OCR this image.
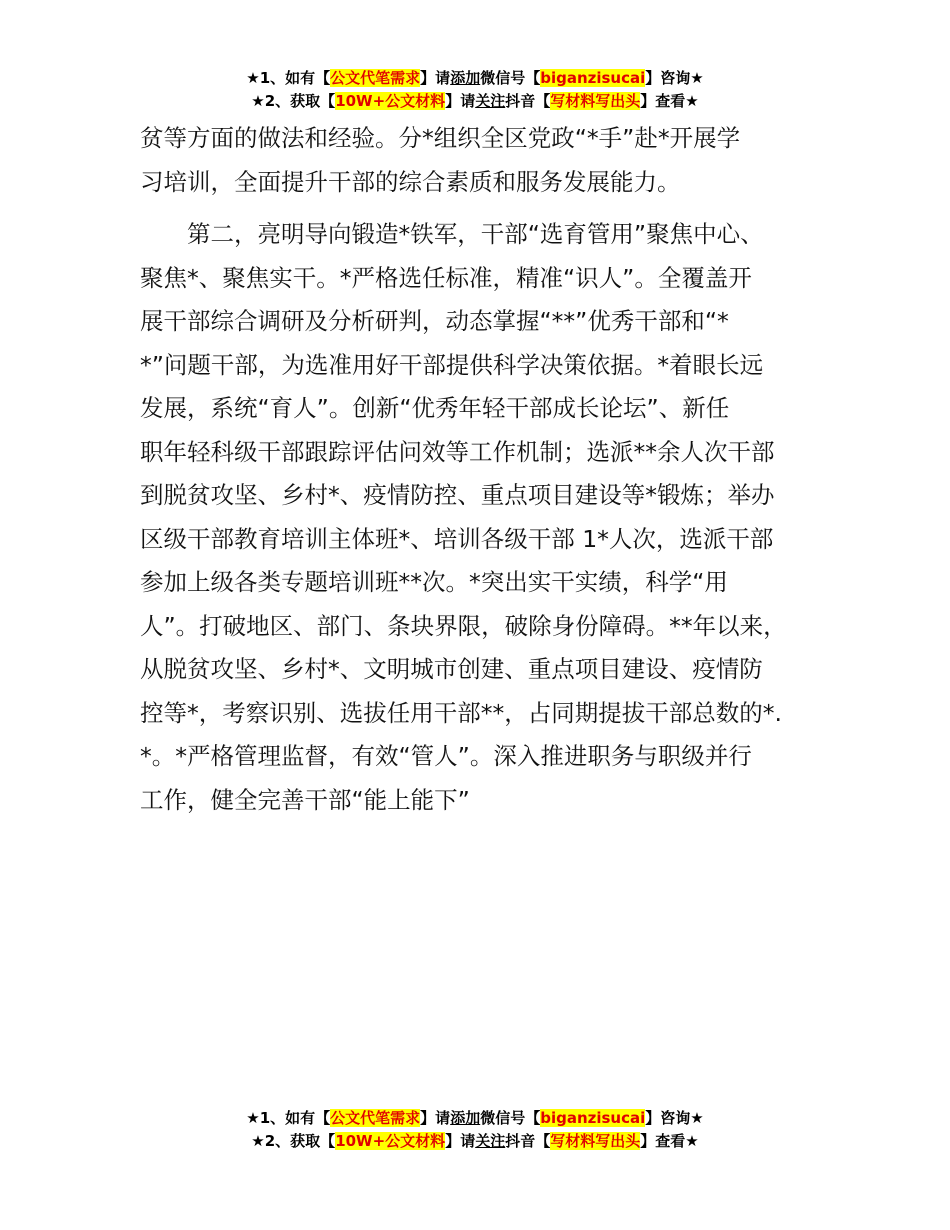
★1、如有【公文代笔需求】请添加微信号【biganzisucai】咨询★
★2、获取【10W+公文材料】请关注抖音【写材料写出头】查看★
贫等方面的做法和经验。分*组织全区党政“*手”赴*开展学
习培训，全面提升干部的综合素质和服务发展能力。
第二，亮明导向锻造*铁军，干部“选育管用”聚焦中心、
聚焦*、聚焦实干。*严格选任标准，精准“识人”。全覆盖开
展干部综合调研及分析研判，动态掌握“**”优秀干部和“*
*”问题干部，为选准用好干部提供科学决策依据。*着眼长远
发展，系统“育人”。创新“优秀年轻干部成长论坛”、新任
职年轻科级干部跟踪评估问效等工作机制；选派**余人次干部
到脱贫攻坚、乡村*、疫情防控、重点项目建设等*锻炼；举办
区级干部教育培训主体班*、培训各级干部 1*人次，选派干部
参加上级各类专题培训班**次。*突出实干实绩，科学“用
人”。打破地区、部门、条块界限，破除身份障碍。**年以来，
从脱贫攻坚、乡村*、文明城市创建、重点项目建设、疫情防
控等*，考察识别、选拔任用干部**，占同期提拔干部总数的*.
*。*严格管理监督，有效“管人”。深入推进职务与职级并行
工作，健全完善干部“能上能下”
★1、如有【公文代笔需求】请添加微信号【biganzisucai】咨询★
★2、获取【10W+公文材料】请关注抖音【写材料写出头】查看★
